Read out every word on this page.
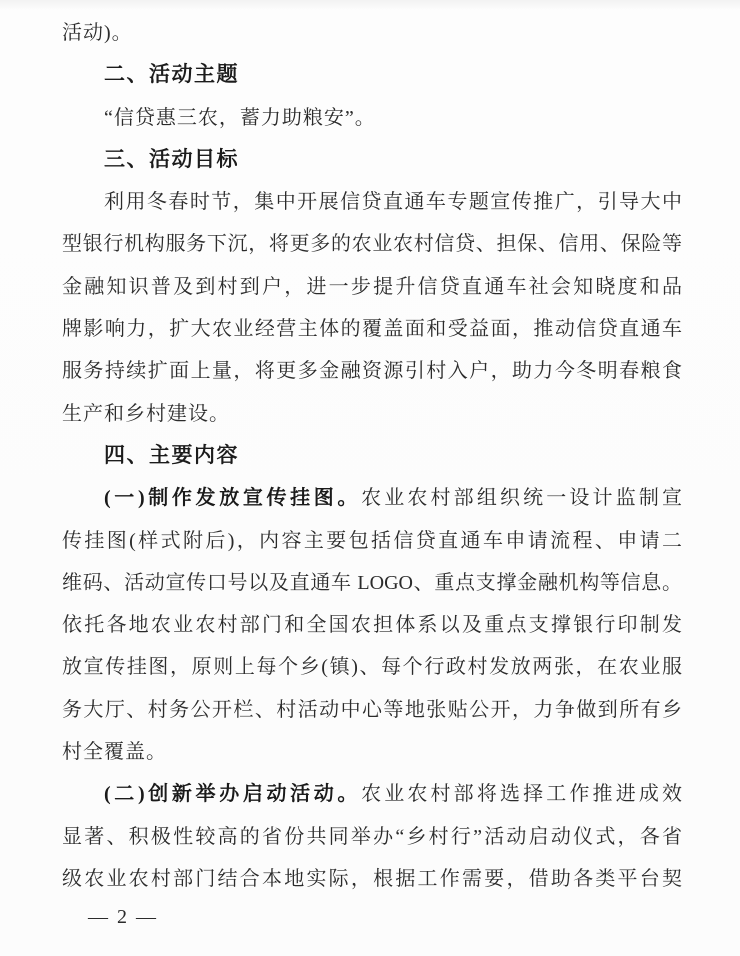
活动)。
二、活动主题
“信贷惠三农，蓄力助粮安”。
三、活动目标
利用冬春时节，集中开展信贷直通车专题宣传推广，引导大中
型银行机构服务下沉，将更多的农业农村信贷、担保、信用、保险等
金融知识普及到村到户，进一步提升信贷直通车社会知晓度和品
牌影响力，扩大农业经营主体的覆盖面和受益面，推动信贷直通车
服务持续扩面上量，将更多金融资源引村入户，助力今冬明春粮食
生产和乡村建设。
四、主要内容
(一)制作发放宣传挂图。农业农村部组织统一设计监制宣
传挂图(样式附后)，内容主要包括信贷直通车申请流程、申请二
维码、活动宣传口号以及直通车 LOGO、重点支撑金融机构等信息。
依托各地农业农村部门和全国农担体系以及重点支撑银行印制发
放宣传挂图，原则上每个乡(镇)、每个行政村发放两张，在农业服
务大厅、村务公开栏、村活动中心等地张贴公开，力争做到所有乡
村全覆盖。
(二)创新举办启动活动。农业农村部将选择工作推进成效
显著、积极性较高的省份共同举办“乡村行”活动启动仪式，各省
级农业农村部门结合本地实际，根据工作需要，借助各类平台契
— 2 —
